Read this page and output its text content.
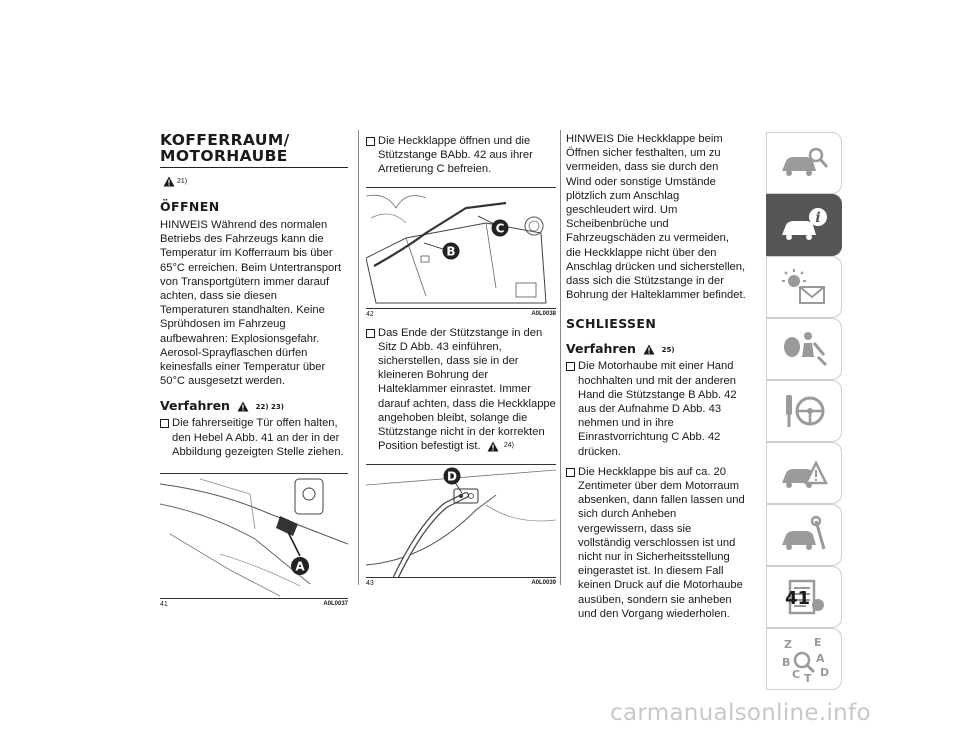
KOFFERRAUM/
MOTORHAUBE
21)
ÖFFNEN

HINWEIS Während des normalen Betriebs des Fahrzeugs kann die Temperatur im Kofferraum bis über 65°C erreichen. Beim Untertransport von Transportgütern immer darauf achten, dass sie diesen Temperaturen standhalten. Keine Sprühdosen im Fahrzeug aufbewahren: Explosionsgefahr. Aerosol-Sprayflaschen dürfen keinesfalls einer Temperatur über 50°C ausgesetzt werden.

Verfahren	22) 23)
Die fahrerseitige Tür offen halten, den Hebel A Abb. 41 an der in der Abbildung gezeigten Stelle ziehen.
A
41	A0L0037
Die Heckklappe öffnen und die Stützstange BAbb. 42 aus ihrer Arretierung C befreien.
B
C
42	A0L0038
Das Ende der Stützstange in den Sitz D Abb. 43 einführen, sicherstellen, dass sie in der kleineren Bohrung der Halteklammer einrastet. Immer darauf achten, dass die Heckklappe angehoben bleibt, solange die Stützstange nicht in der korrekten Position befestigt ist.	24)
D
43	A0L0039

HINWEIS Die Heckklappe beim Öffnen sicher festhalten, um zu vermeiden, dass sie durch den Wind oder sonstige Umstände plötzlich zum Anschlag geschleudert wird. Um Scheibenbrüche und Fahrzeugschäden zu vermeiden, die Heckklappe nicht über den Anschlag drücken und sicherstellen, dass sich die Stützstange in der Bohrung der Halteklammer befindet.

SCHLIESSEN
Verfahren	25)
Die Motorhaube mit einer Hand hochhalten und mit der anderen Hand die Stützstange B Abb. 42 aus der Aufnahme D Abb. 43 nehmen und in ihre Einrastvorrichtung C Abb. 42 drücken.
Die Heckklappe bis auf ca. 20 Zentimeter über dem Motorraum absenken, dann fallen lassen und sich durch Anheben vergewissern, dass sie vollständig verschlossen ist und nicht nur in Sicherheitsstellung eingerastet ist. In diesem Fall keinen Druck auf die Motorhaube ausüben, sondern sie anheben und den Vorgang wiederholen.
i
Z E
A
B
D
C T
41
carmanualsonline.info
